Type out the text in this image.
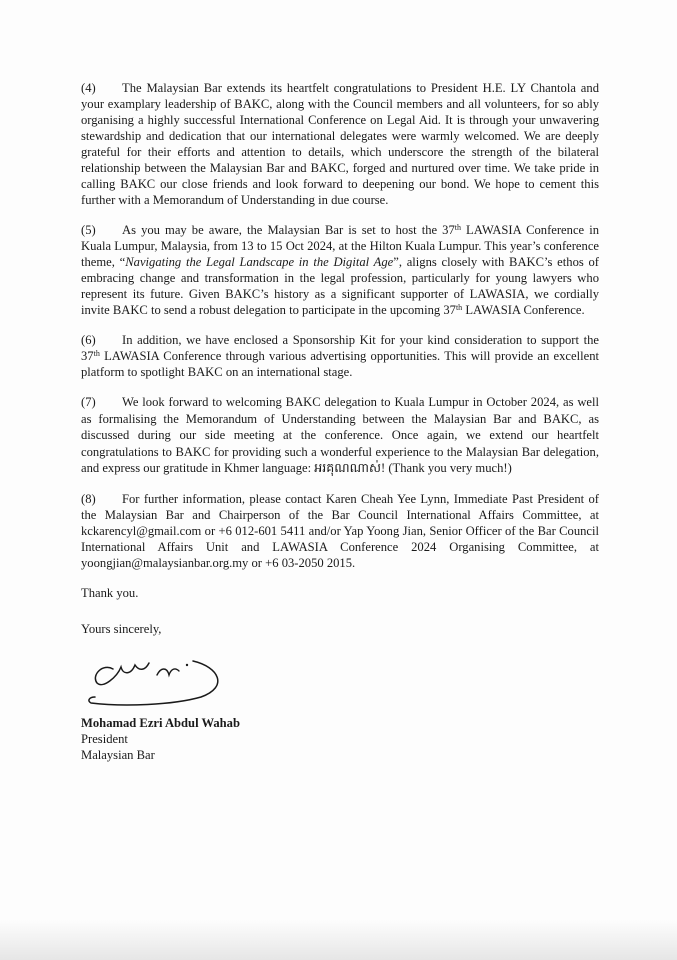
(4) The Malaysian Bar extends its heartfelt congratulations to President H.E. LY Chantola and your examplary leadership of BAKC, along with the Council members and all volunteers, for so ably organising a highly successful International Conference on Legal Aid. It is through your unwavering stewardship and dedication that our international delegates were warmly welcomed. We are deeply grateful for their efforts and attention to details, which underscore the strength of the bilateral relationship between the Malaysian Bar and BAKC, forged and nurtured over time. We take pride in calling BAKC our close friends and look forward to deepening our bond. We hope to cement this further with a Memorandum of Understanding in due course.

(5) As you may be aware, the Malaysian Bar is set to host the 37th LAWASIA Conference in Kuala Lumpur, Malaysia, from 13 to 15 Oct 2024, at the Hilton Kuala Lumpur. This year’s conference theme, “Navigating the Legal Landscape in the Digital Age”, aligns closely with BAKC’s ethos of embracing change and transformation in the legal profession, particularly for young lawyers who represent its future. Given BAKC’s history as a significant supporter of LAWASIA, we cordially invite BAKC to send a robust delegation to participate in the upcoming 37th LAWASIA Conference.

(6) In addition, we have enclosed a Sponsorship Kit for your kind consideration to support the 37th LAWASIA Conference through various advertising opportunities. This will provide an excellent platform to spotlight BAKC on an international stage.

(7) We look forward to welcoming BAKC delegation to Kuala Lumpur in October 2024, as well as formalising the Memorandum of Understanding between the Malaysian Bar and BAKC, as discussed during our side meeting at the conference. Once again, we extend our heartfelt congratulations to BAKC for providing such a wonderful experience to the Malaysian Bar delegation, and express our gratitude in Khmer language: អរគុណណាស់! (Thank you very much!)

(8) For further information, please contact Karen Cheah Yee Lynn, Immediate Past President of the Malaysian Bar and Chairperson of the Bar Council International Affairs Committee, at kckarencyl@gmail.com or +6 012-601 5411 and/or Yap Yoong Jian, Senior Officer of the Bar Council International Affairs Unit and LAWASIA Conference 2024 Organising Committee, at yoongjian@malaysianbar.org.my or +6 03-2050 2015.

Thank you.

Yours sincerely,

Mohamad Ezri Abdul Wahab

President

Malaysian Bar
